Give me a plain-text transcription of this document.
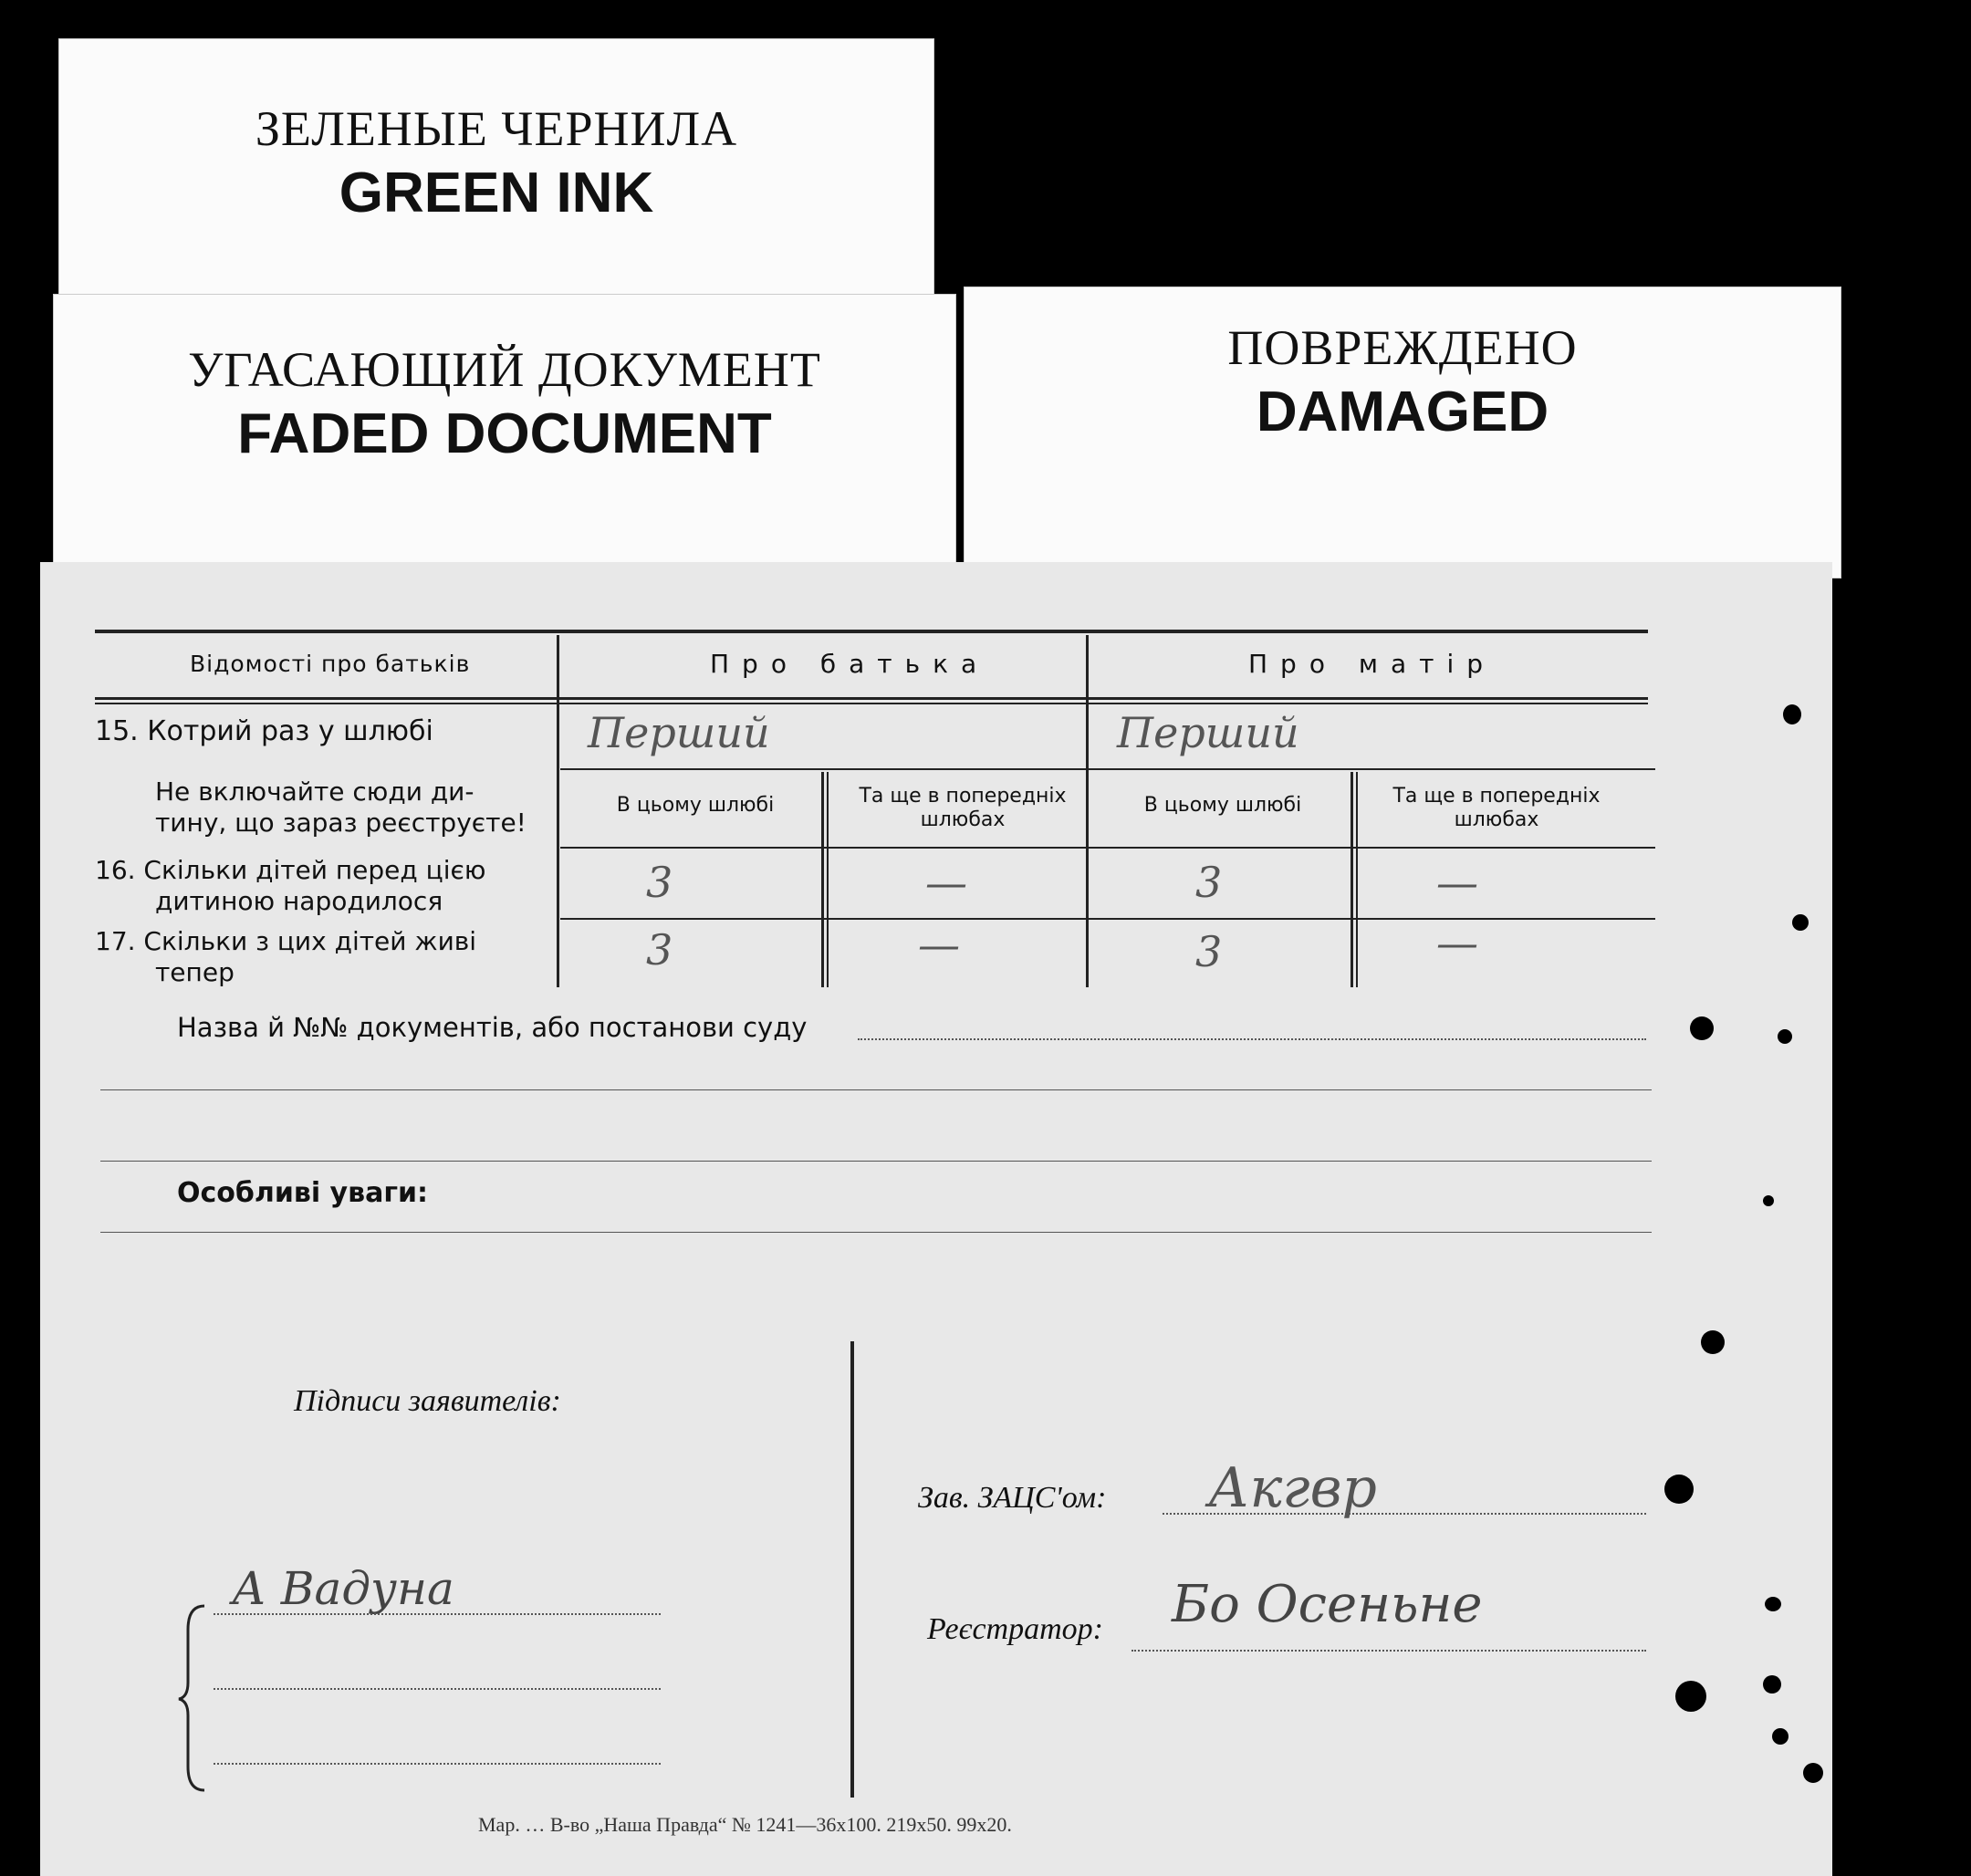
ЗЕЛЕНЫЕ ЧЕРНИЛА
GREEN INK
УГАСАЮЩИЙ ДОКУМЕНТ
FADED DOCUMENT
ПОВРЕЖДЕНО
DAMAGED
Відомості про батьків	Про батька	Про матір
15. Котрий раз у шлюбі	Перший	Перший
Не включайте сюди ди-
тину, що зараз реєструєте!
В цьому шлюбі	Та ще в попередніх
шлюбах
В цьому шлюбі	Та ще в попередніх
шлюбах
16. Скільки дітей перед цією
дитиною народилося	3	—	3	—
17. Скільки з цих дітей живі
тепер	3	—	3	—
Назва й №№ документів, або постанови суду
Особливі уваги:
Підписи заявителів:
А Вадуна
Зав. ЗАЦС'ом: Акгвр
Реєстратор: Бо Осеньне
Мар. … В-во „Наша Правда“ № 1241—36х100. 219х50. 99х20.
